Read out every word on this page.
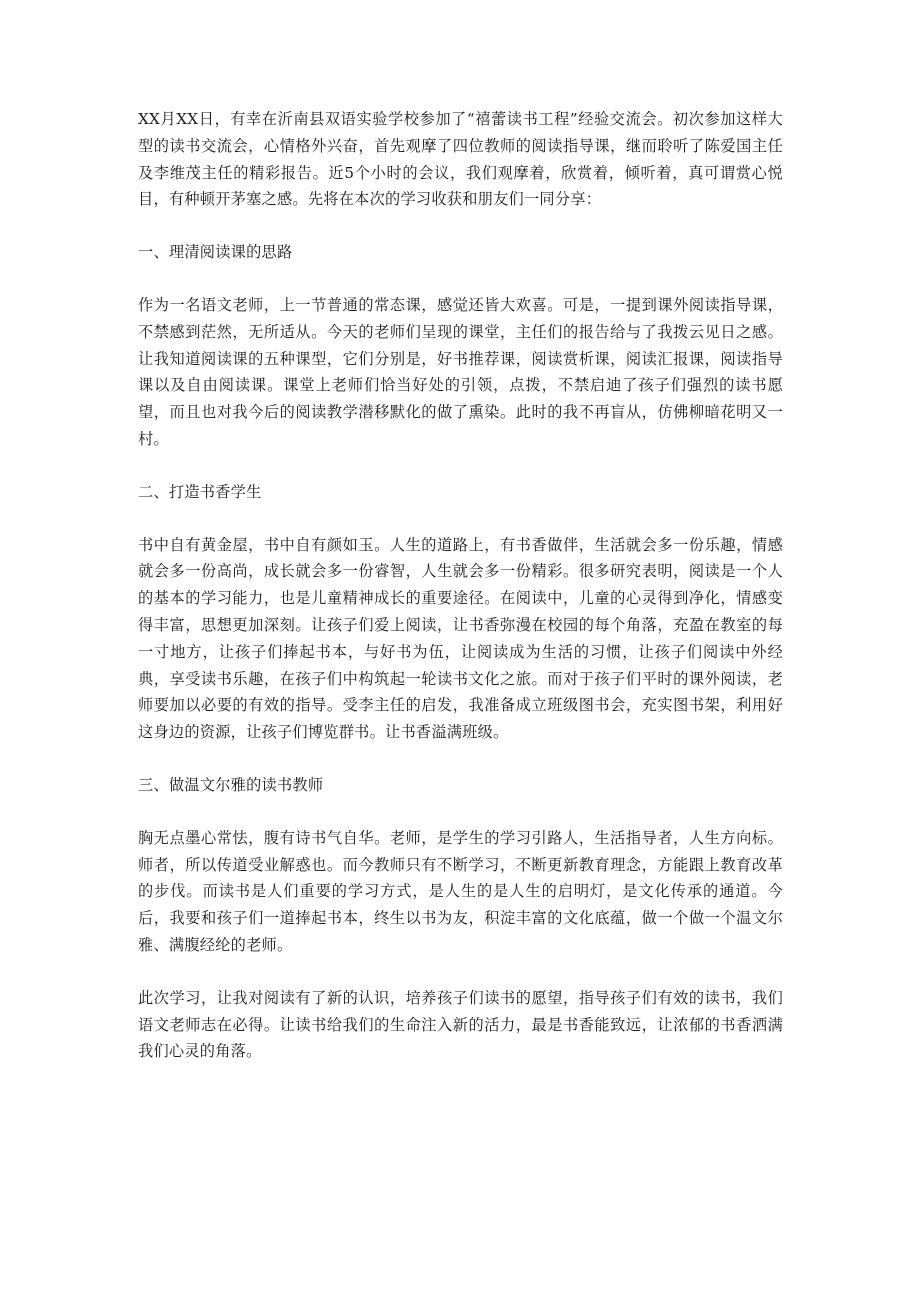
XX月XX日，有幸在沂南县双语实验学校参加了“禧蕾读书工程”经验交流会。初次参加这样大型的读书交流会，心情格外兴奋，首先观摩了四位教师的阅读指导课，继而聆听了陈爱国主任及李维茂主任的精彩报告。近5个小时的会议，我们观摩着，欣赏着，倾听着，真可谓赏心悦目，有种顿开茅塞之感。先将在本次的学习收获和朋友们一同分享：

一、理清阅读课的思路

作为一名语文老师，上一节普通的常态课，感觉还皆大欢喜。可是，一提到课外阅读指导课，不禁感到茫然，无所适从。今天的老师们呈现的课堂，主任们的报告给与了我拨云见日之感。让我知道阅读课的五种课型，它们分别是，好书推荐课，阅读赏析课，阅读汇报课，阅读指导课以及自由阅读课。课堂上老师们恰当好处的引领，点拨，不禁启迪了孩子们强烈的读书愿望，而且也对我今后的阅读教学潜移默化的做了熏染。此时的我不再盲从，仿佛柳暗花明又一村。

二、打造书香学生

书中自有黄金屋，书中自有颜如玉。人生的道路上，有书香做伴，生活就会多一份乐趣，情感就会多一份高尚，成长就会多一份睿智，人生就会多一份精彩。很多研究表明，阅读是一个人的基本的学习能力，也是儿童精神成长的重要途径。在阅读中，儿童的心灵得到净化，情感变得丰富，思想更加深刻。让孩子们爱上阅读，让书香弥漫在校园的每个角落，充盈在教室的每一寸地方，让孩子们捧起书本，与好书为伍，让阅读成为生活的习惯，让孩子们阅读中外经典，享受读书乐趣，在孩子们中构筑起一轮读书文化之旅。而对于孩子们平时的课外阅读，老师要加以必要的有效的指导。受李主任的启发，我准备成立班级图书会，充实图书架，利用好这身边的资源，让孩子们博览群书。让书香溢满班级。

三、做温文尔雅的读书教师

胸无点墨心常怯，腹有诗书气自华。老师，是学生的学习引路人，生活指导者，人生方向标。师者，所以传道受业解惑也。而今教师只有不断学习，不断更新教育理念，方能跟上教育改革的步伐。而读书是人们重要的学习方式，是人生的是人生的启明灯，是文化传承的通道。今后，我要和孩子们一道捧起书本，终生以书为友，积淀丰富的文化底蕴，做一个做一个温文尔雅、满腹经纶的老师。

此次学习，让我对阅读有了新的认识，培养孩子们读书的愿望，指导孩子们有效的读书，我们语文老师志在必得。让读书给我们的生命注入新的活力，最是书香能致远，让浓郁的书香洒满我们心灵的角落。
